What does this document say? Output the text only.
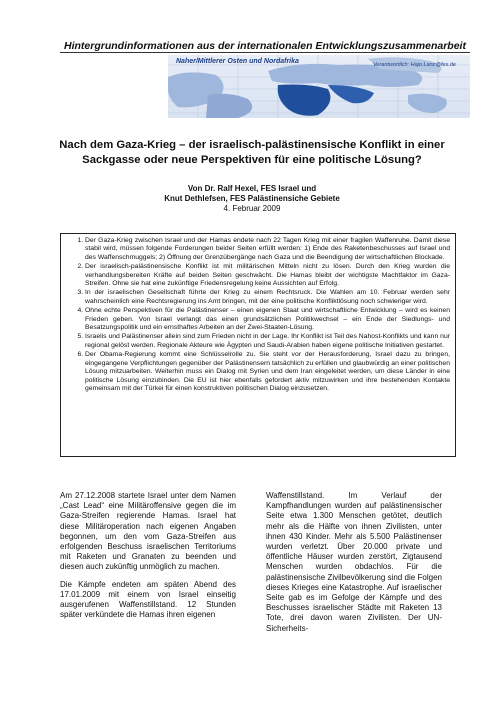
Hintergrundinformationen aus der internationalen Entwicklungszusammenarbeit
Naher/Mittlerer Osten und Nordafrika	Verantwortlich: Hajo.Lanz@fes.de
Nach dem Gaza-Krieg – der israelisch-palästinensische Konflikt in einer Sackgasse oder neue Perspektiven für eine politische Lösung?
Von Dr. Ralf Hexel, FES Israel und
Knut Dethlefsen, FES Palästinensiche Gebiete
4. Februar 2009
1. Der Gaza-Krieg zwischen Israel und der Hamas endete nach 22 Tagen Krieg mit einer fragilen Waffenruhe. Damit diese stabil wird, müssen folgende Forderungen beider Seiten erfüllt werden: 1) Ende des Raketenbeschusses auf Israel und des Waffenschmuggels; 2) Öffnung der Grenzübergänge nach Gaza und die Beendigung der wirtschaftlichen Blockade.
2. Der israelisch-palästinensische Konflikt ist mit militärischen Mitteln nicht zu lösen. Durch den Krieg wurden die verhandlungsbereiten Kräfte auf beiden Seiten geschwächt. Die Hamas bleibt der wichtigste Machtfaktor im Gaza-Streifen. Ohne sie hat eine zukünftige Friedensregelung keine Aussichten auf Erfolg.
3. In der israelischen Gesellschaft führte der Krieg zu einem Rechtsruck. Die Wahlen am 10. Februar werden sehr wahrscheinlich eine Rechtsregierung ins Amt bringen, mit der eine politische Konfliktlösung noch schwieriger wird.
4. Ohne echte Perspektiven für die Palästinenser – einen eigenen Staat und wirtschaftliche Entwicklung – wird es keinen Frieden geben. Von Israel verlangt das einen grundsätzlichen Politikwechsel – ein Ende der Siedlungs- und Besatzungspolitik und ein ernsthaftes Arbeiten an der Zwei-Staaten-Lösung.
5. Israelis und Palästinenser allein sind zum Frieden nicht in der Lage. Ihr Konflikt ist Teil des Nahost-Konflikts und kann nur regional gelöst werden. Regionale Akteure wie Ägypten und Saudi-Arabien haben eigene politische Initiativen gestartet.
6. Der Obama-Regierung kommt eine Schlüsselrolle zu. Sie steht vor der Herausforderung, Israel dazu zu bringen, eingegangene Verpflichtungen gegenüber der Palästinensern tatsächlich zu erfüllen und glaubwürdig an einer politischen Lösung mitzuarbeiten. Weiterhin muss ein Dialog mit Syrien und dem Iran eingeleitet werden, um diese Länder in eine politische Lösung einzubinden. Die EU ist hier ebenfalls gefordert aktiv mitzuwirken und ihre bestehenden Kontakte gemeinsam mit der Türkei für einen konstruktiven politischen Dialog einzusetzen.

Am 27.12.2008 startete Israel unter dem Namen „Cast Lead“ eine Militäroffensive gegen die im Gaza-Streifen regierende Hamas. Israel hat diese Militäroperation nach eigenen Angaben begonnen, um den vom Gaza-Streifen aus erfolgenden Beschuss israelischen Territoriums mit Raketen und Granaten zu beenden und diesen auch zukünftig unmöglich zu machen.

Die Kämpfe endeten am späten Abend des 17.01.2009 mit einem von Israel einseitig ausgerufenen Waffenstillstand. 12 Stunden später verkündete die Hamas ihren eigenen

Waffenstillstand. Im Verlauf der Kampfhandlungen wurden auf palästinensischer Seite etwa 1.300 Menschen getötet, deutlich mehr als die Hälfte von ihnen Zivilisten, unter ihnen 430 Kinder. Mehr als 5.500 Palästinenser wurden verletzt. Über 20.000 private und öffentliche Häuser wurden zerstört, Zigtausend Menschen wurden obdachlos. Für die palästinensische Zivilbevölkerung sind die Folgen dieses Krieges eine Katastrophe. Auf israelischer Seite gab es im Gefolge der Kämpfe und des Beschusses israelischer Städte mit Raketen 13 Tote, drei davon waren Zivilisten. Der UN-Sicherheits-
